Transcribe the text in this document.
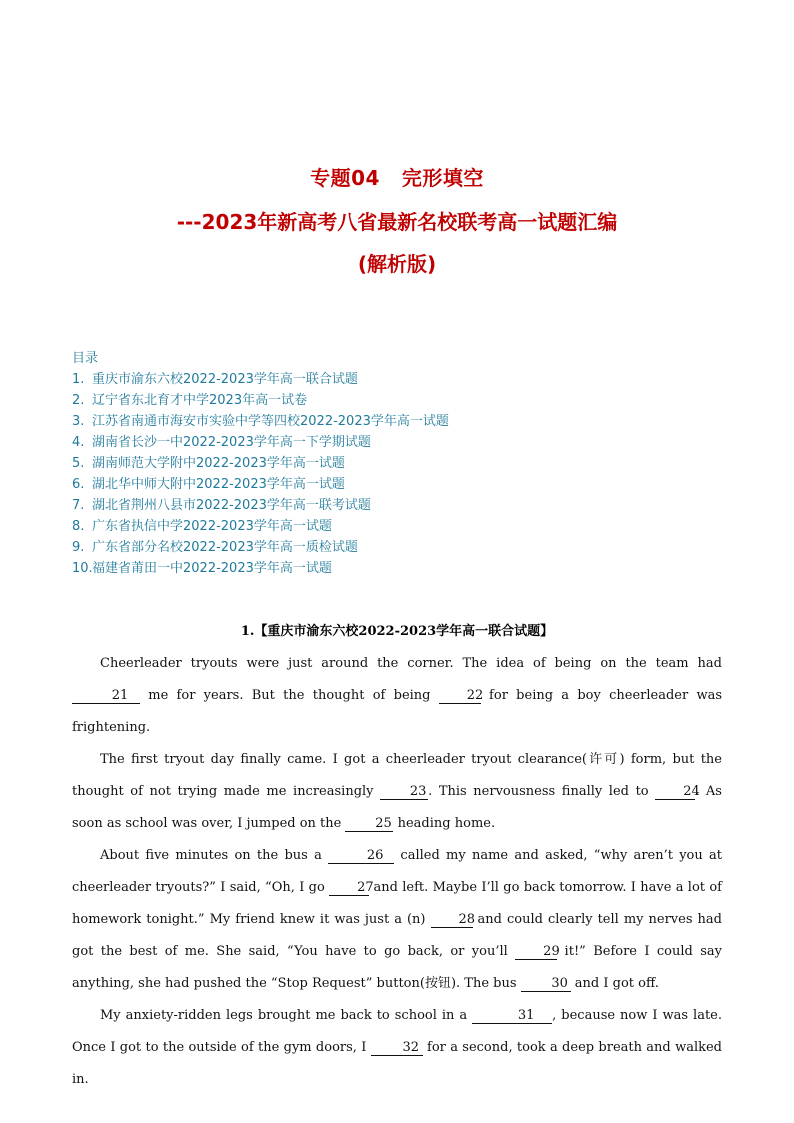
专题04 完形填空
---2023年新高考八省最新名校联考高一试题汇编
(解析版)
目录
1. 重庆市渝东六校2022-2023学年高一联合试题
2. 辽宁省东北育才中学2023年高一试卷
3. 江苏省南通市海安市实验中学等四校2022-2023学年高一试题
4. 湖南省长沙一中2022-2023学年高一下学期试题
5. 湖南师范大学附中2022-2023学年高一试题
6. 湖北华中师大附中2022-2023学年高一试题
7. 湖北省荆州八县市2022-2023学年高一联考试题
8. 广东省执信中学2022-2023学年高一试题
9. 广东省部分名校2022-2023学年高一质检试题
10.福建省莆田一中2022-2023学年高一试题
1.【重庆市渝东六校2022-2023学年高一联合试题】

Cheerleader tryouts were just around the corner. The idea of being on the team had 21 me for years. But the thought of being 22 for being a boy cheerleader was frightening.

The first tryout day finally came. I got a cheerleader tryout clearance(许可) form, but the thought of not trying made me increasingly 23 . This nervousness finally led to 24. As soon as school was over, I jumped on the 25 heading home.

About five minutes on the bus a	26 called my name and asked, “why aren’t you at cheerleader tryouts?” I said, “Oh, I go 27 and left. Maybe I’ll go back tomorrow. I have a lot of homework tonight.” My friend knew it was just a (n) 28 and could clearly tell my nerves had got the best of me. She said, “You have to go back, or you’ll 29 it!” Before I could say anything, she had pushed the “Stop Request” button(按钮). The bus 30 and I got off.

My anxiety-ridden legs brought me back to school in a	31 , because now I was late. Once I got to the outside of the gym doors, I 32 for a second, took a deep breath and walked in.
